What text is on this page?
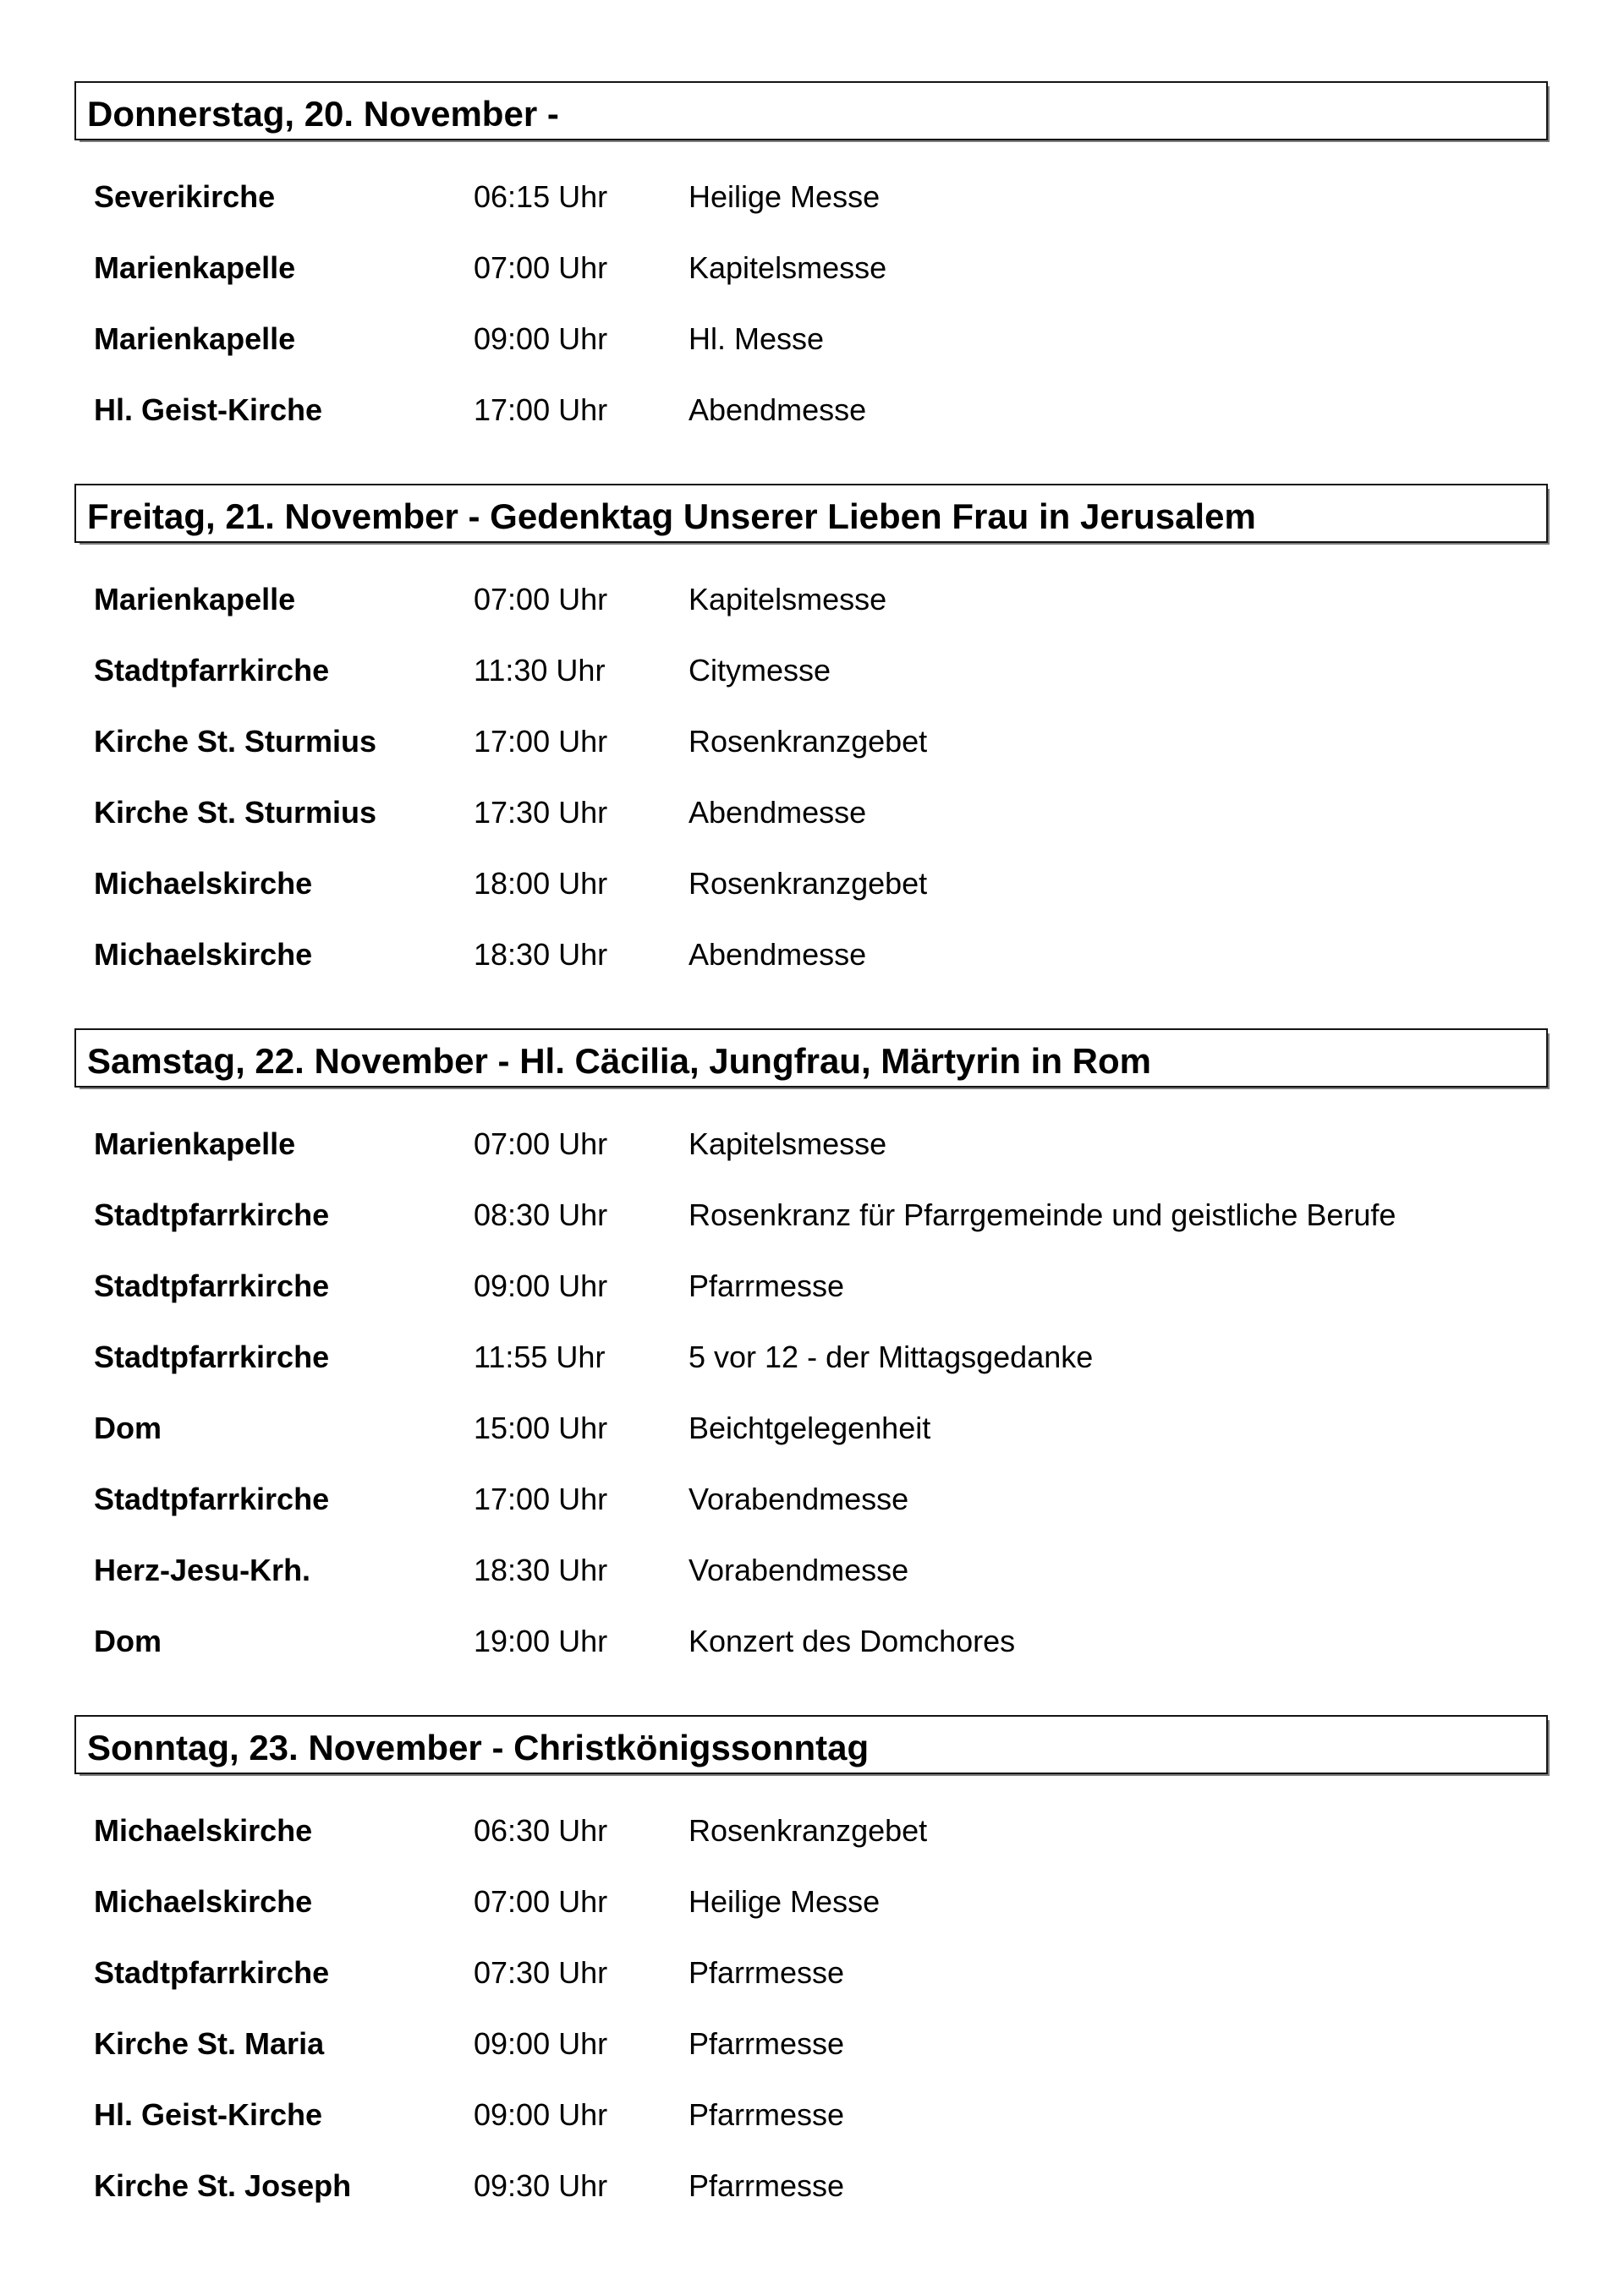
Donnerstag, 20. November -
Severikirche	06:15 Uhr	Heilige Messe
Marienkapelle	07:00 Uhr	Kapitelsmesse
Marienkapelle	09:00 Uhr	Hl. Messe
Hl. Geist-Kirche	17:00 Uhr	Abendmesse
Freitag, 21. November - Gedenktag Unserer Lieben Frau in Jerusalem
Marienkapelle	07:00 Uhr	Kapitelsmesse
Stadtpfarrkirche	11:30 Uhr	Citymesse
Kirche St. Sturmius	17:00 Uhr	Rosenkranzgebet
Kirche St. Sturmius	17:30 Uhr	Abendmesse
Michaelskirche	18:00 Uhr	Rosenkranzgebet
Michaelskirche	18:30 Uhr	Abendmesse
Samstag, 22. November - Hl. Cäcilia, Jungfrau, Märtyrin in Rom
Marienkapelle	07:00 Uhr	Kapitelsmesse
Stadtpfarrkirche	08:30 Uhr	Rosenkranz für Pfarrgemeinde und geistliche Berufe
Stadtpfarrkirche	09:00 Uhr	Pfarrmesse
Stadtpfarrkirche	11:55 Uhr	5 vor 12 - der Mittagsgedanke
Dom	15:00 Uhr	Beichtgelegenheit
Stadtpfarrkirche	17:00 Uhr	Vorabendmesse
Herz-Jesu-Krh.	18:30 Uhr	Vorabendmesse
Dom	19:00 Uhr	Konzert des Domchores
Sonntag, 23. November - Christkönigssonntag
Michaelskirche	06:30 Uhr	Rosenkranzgebet
Michaelskirche	07:00 Uhr	Heilige Messe
Stadtpfarrkirche	07:30 Uhr	Pfarrmesse
Kirche St. Maria	09:00 Uhr	Pfarrmesse
Hl. Geist-Kirche	09:00 Uhr	Pfarrmesse
Kirche St. Joseph	09:30 Uhr	Pfarrmesse
